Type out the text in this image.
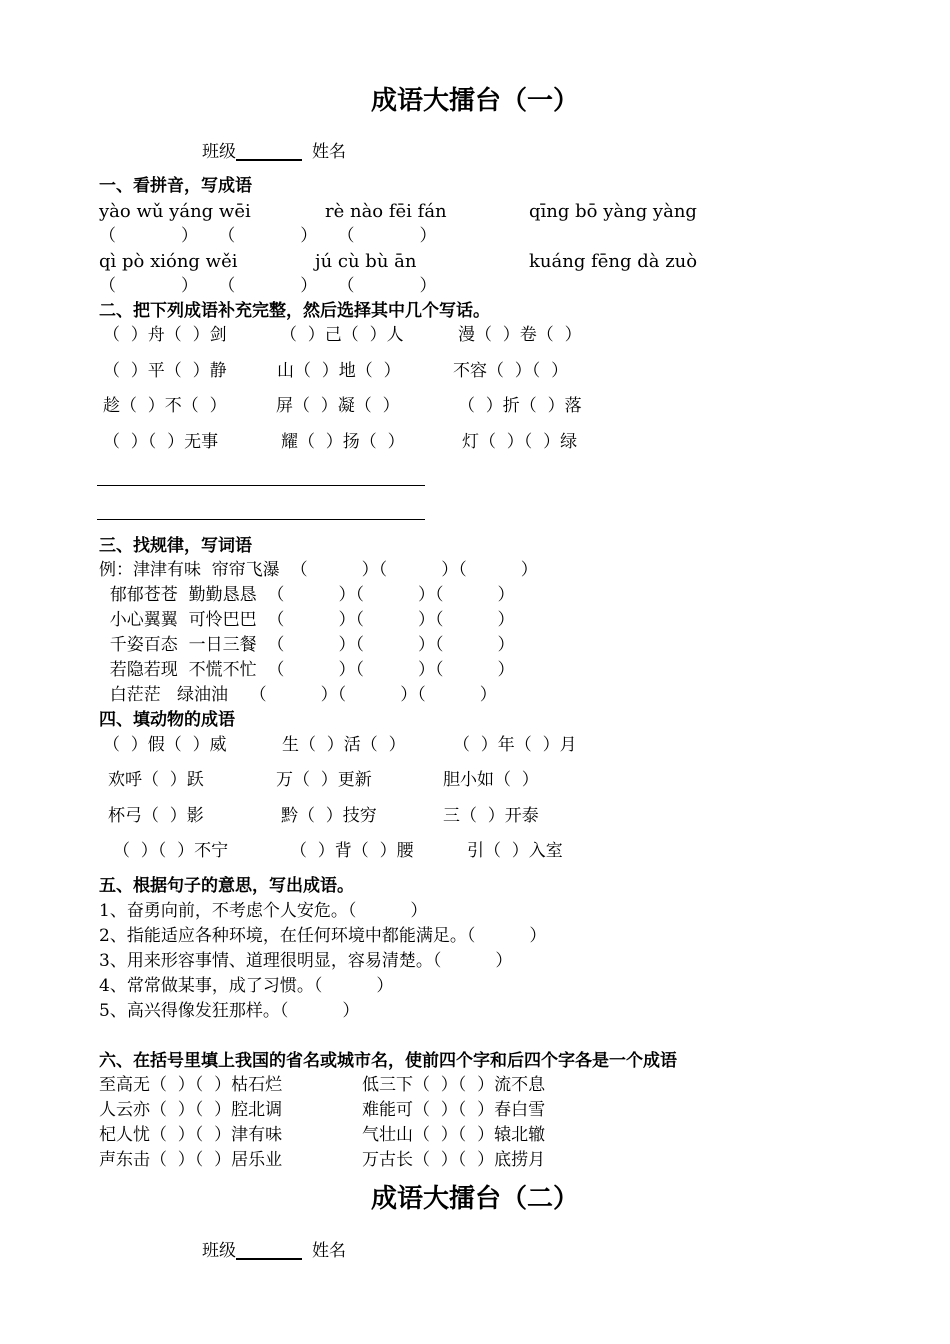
成语大擂台（一）
班级	姓名
一、看拼音，写成语
yào wǔ yáng wēi	rè nào fēi fán	qīng bō yàng yàng
（          ）   （          ）   （          ）
qì pò xióng wěi	jú cù bù ān	kuáng fēng dà zuò
（          ）   （          ）   （          ）
二、把下列成语补充完整，然后选择其中几个写话。
（  ）舟（  ）剑	（  ）己（  ）人	漫（  ）卷（  ）
（  ）平（  ）静	山（  ）地（  ）	不容（  ）（  ）
趁（  ）不（  ）	屏（  ）凝（  ）	（  ）折（  ）落
（  ）（  ）无事	耀（  ）扬（  ）	灯（  ）（  ）绿
三、找规律，写词语
例：津津有味  帘帘飞瀑  （          ）（          ）（          ）
郁郁苍苍  勤勤恳恳  （          ）（          ）（          ）
小心翼翼  可怜巴巴  （          ）（          ）（          ）
千姿百态  一日三餐  （          ）（          ）（          ）
若隐若现  不慌不忙  （          ）（          ）（          ）
白茫茫   绿油油    （          ）（          ）（          ）
四、填动物的成语
（  ）假（  ）威	生（  ）活（  ）	（  ）年（  ）月
欢呼（  ）跃	万（  ）更新	胆小如（  ）
杯弓（  ）影	黔（  ）技穷	三（  ）开泰
（  ）（  ）不宁	（  ）背（  ）腰	引（  ）入室
五、根据句子的意思，写出成语。
1、奋勇向前，不考虑个人安危。（          ）
2、指能适应各种环境，在任何环境中都能满足。（          ）
3、用来形容事情、道理很明显，容易清楚。（          ）
4、常常做某事，成了习惯。（          ）
5、高兴得像发狂那样。（          ）
六、在括号里填上我国的省名或城市名，使前四个字和后四个字各是一个成语
至高无（  ）（  ）枯石烂	低三下（  ）（  ）流不息
人云亦（  ）（  ）腔北调	难能可（  ）（  ）春白雪
杞人忧（  ）（  ）津有味	气壮山（  ）（  ）辕北辙
声东击（  ）（  ）居乐业	万古长（  ）（  ）底捞月
成语大擂台（二）
班级	姓名
